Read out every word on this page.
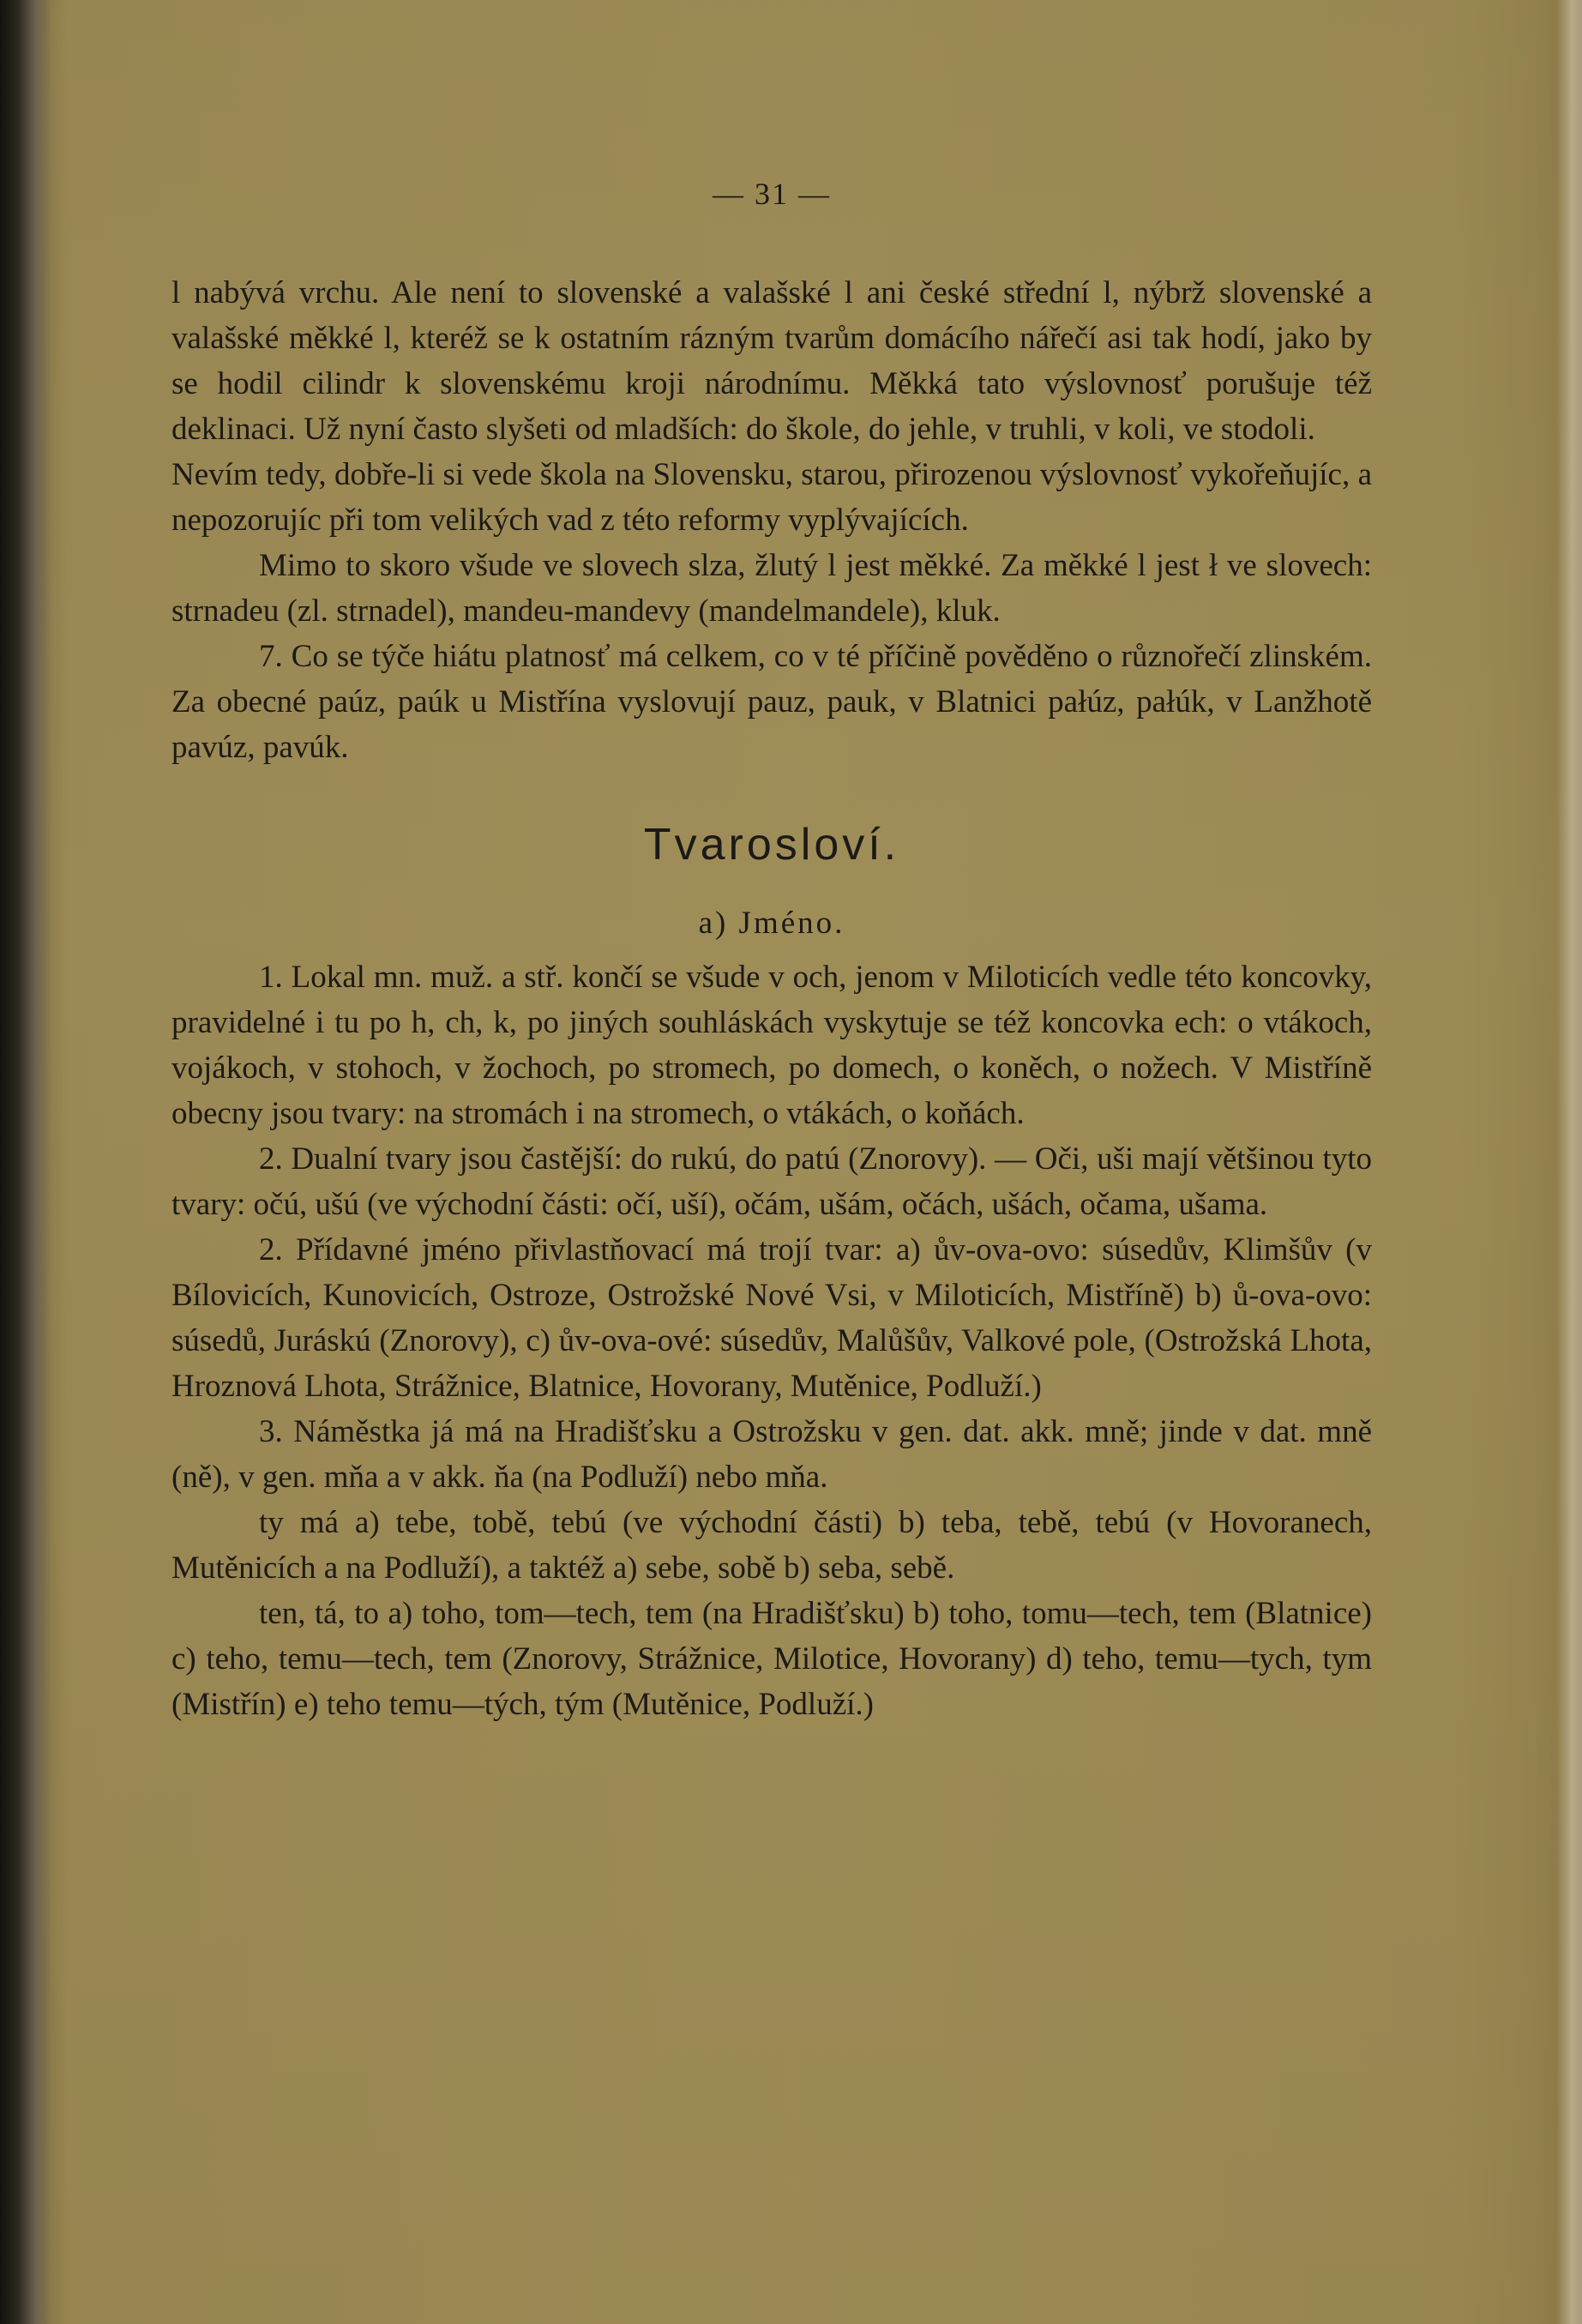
— 31 —

l nabývá vrchu. Ale není to slovenské a valašské l ani české střední l, nýbrž slovenské a valašské měkké l, kteréž se k ostatním rázným tvarům domácího nářečí asi tak hodí, jako by se hodil cilindr k slovenskému kroji národnímu. Měkká tato výslovnosť porušuje též deklinaci. Už nyní často slyšeti od mladších: do škole, do jehle, v truhli, v koli, ve stodoli.

Nevím tedy, dobře-li si vede škola na Slovensku, starou, přirozenou výslovnosť vykořeňujíc, a nepozorujíc při tom velikých vad z této reformy vyplývajících.

Mimo to skoro všude ve slovech slza, žlutý l jest měkké. Za měkké l jest ł ve slovech: strnadeu (zl. strnadel), mandeu-mandevy (mandelmandele), kluk.

7. Co se týče hiátu platnosť má celkem, co v té příčině pověděno o různořečí zlinském. Za obecné paúz, paúk u Mistřína vyslovují pauz, pauk, v Blatnici pałúz, pałúk, v Lanžhotě pavúz, pavúk.

Tvarosloví.
a) Jméno.

1. Lokal mn. muž. a stř. končí se všude v och, jenom v Miloticích vedle této koncovky, pravidelné i tu po h, ch, k, po jiných souhláskách vyskytuje se též koncovka ech: o vtákoch, vojákoch, v stohoch, v žochoch, po stromech, po domech, o koněch, o nožech. V Mistříně obecny jsou tvary: na stromách i na stromech, o vtákách, o koňách.

2. Dualní tvary jsou častější: do rukú, do patú (Znorovy). — Oči, uši mají většinou tyto tvary: očú, ušú (ve východní části: očí, uší), očám, ušám, očách, ušách, očama, ušama.

2. Přídavné jméno přivlastňovací má trojí tvar: a) ův-ova-ovo: súsedův, Klimšův (v Bílovicích, Kunovicích, Ostroze, Ostrožské Nové Vsi, v Miloticích, Mistříně) b) ů-ova-ovo: súsedů, Juráskú (Znorovy), c) ův-ova-ové: súsedův, Malůšův, Valkové pole, (Ostrožská Lhota, Hroznová Lhota, Strážnice, Blatnice, Hovorany, Mutěnice, Podluží.)

3. Náměstka já má na Hradišťsku a Ostrožsku v gen. dat. akk. mně; jinde v dat. mně (ně), v gen. mňa a v akk. ňa (na Podluží) nebo mňa.

ty má a) tebe, tobě, tebú (ve východní části) b) teba, tebě, tebú (v Hovoranech, Mutěnicích a na Podluží), a taktéž a) sebe, sobě b) seba, sebě.

ten, tá, to a) toho, tom—tech, tem (na Hradišťsku) b) toho, tomu—tech, tem (Blatnice) c) teho, temu—tech, tem (Znorovy, Strážnice, Milotice, Hovorany) d) teho, temu—tych, tym (Mistřín) e) teho temu—tých, tým (Mutěnice, Podluží.)
